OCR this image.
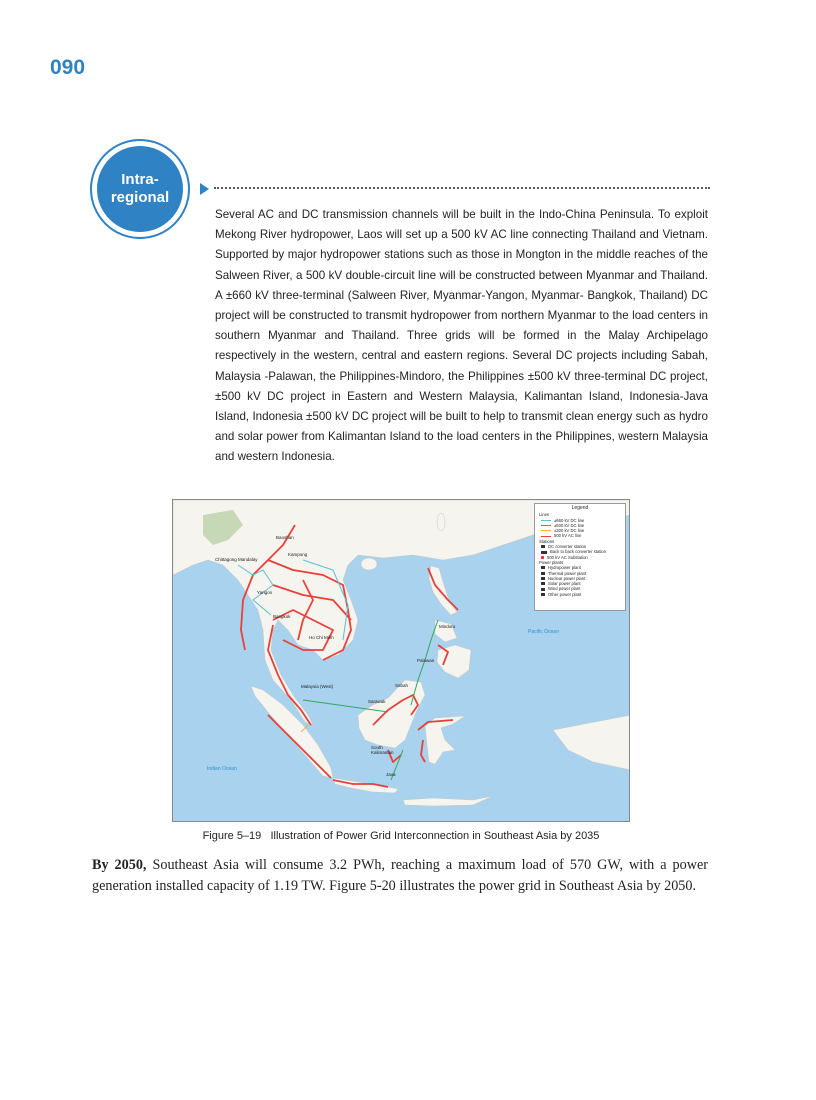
090
Intra-
regional
Several AC and DC transmission channels will be built in the Indo-China Peninsula. To exploit Mekong River hydropower, Laos will set up a 500 kV AC line connecting Thailand and Vietnam. Supported by major hydropower stations such as those in Mongton in the middle reaches of the Salween River, a 500 kV double-circuit line will be constructed between Myanmar and Thailand. A ±660 kV three-terminal (Salween River, Myanmar-Yangon, Myanmar- Bangkok, Thailand) DC project will be constructed to transmit hydropower from northern Myanmar to the load centers in southern Myanmar and Thailand. Three grids will be formed in the Malay Archipelago respectively in the western, central and eastern regions. Several DC projects including Sabah, Malaysia -Palawan, the Philippines-Mindoro, the Philippines ±500 kV three-terminal DC project, ±500 kV DC project in Eastern and Western Malaysia, Kalimantan Island, Indonesia-Java Island, Indonesia ±500 kV DC project will be built to help to transmit clean energy such as hydro and solar power from Kalimantan Island to the load centers in the Philippines, western Malaysia and western Indonesia.
Chittagong Mandalay
Baoshan
Yangon
Bangkok
Ho Chi Minh
Kampong
Malaysia (West)
Sarawak
Sabah
Palawan
Mindoro
South Kalimantan
Java
Indian Ocean
Pacific Ocean
Legend
Lines
±660 kV DC line
±500 kV DC line
±300 kV DC line
500 kV AC line
Stations
DC converter station
Back to back converter station
500 kV AC Substation
Power plants
Hydropower plant
Thermal power plant
Nuclear power plant
Solar power plant
Wind power plant
Other power plant
Figure 5–19   Illustration of Power Grid Interconnection in Southeast Asia by 2035
By 2050, Southeast Asia will consume 3.2 PWh, reaching a maximum load of 570 GW, with a power generation installed capacity of 1.19 TW. Figure 5-20 illustrates the power grid in Southeast Asia by 2050.
